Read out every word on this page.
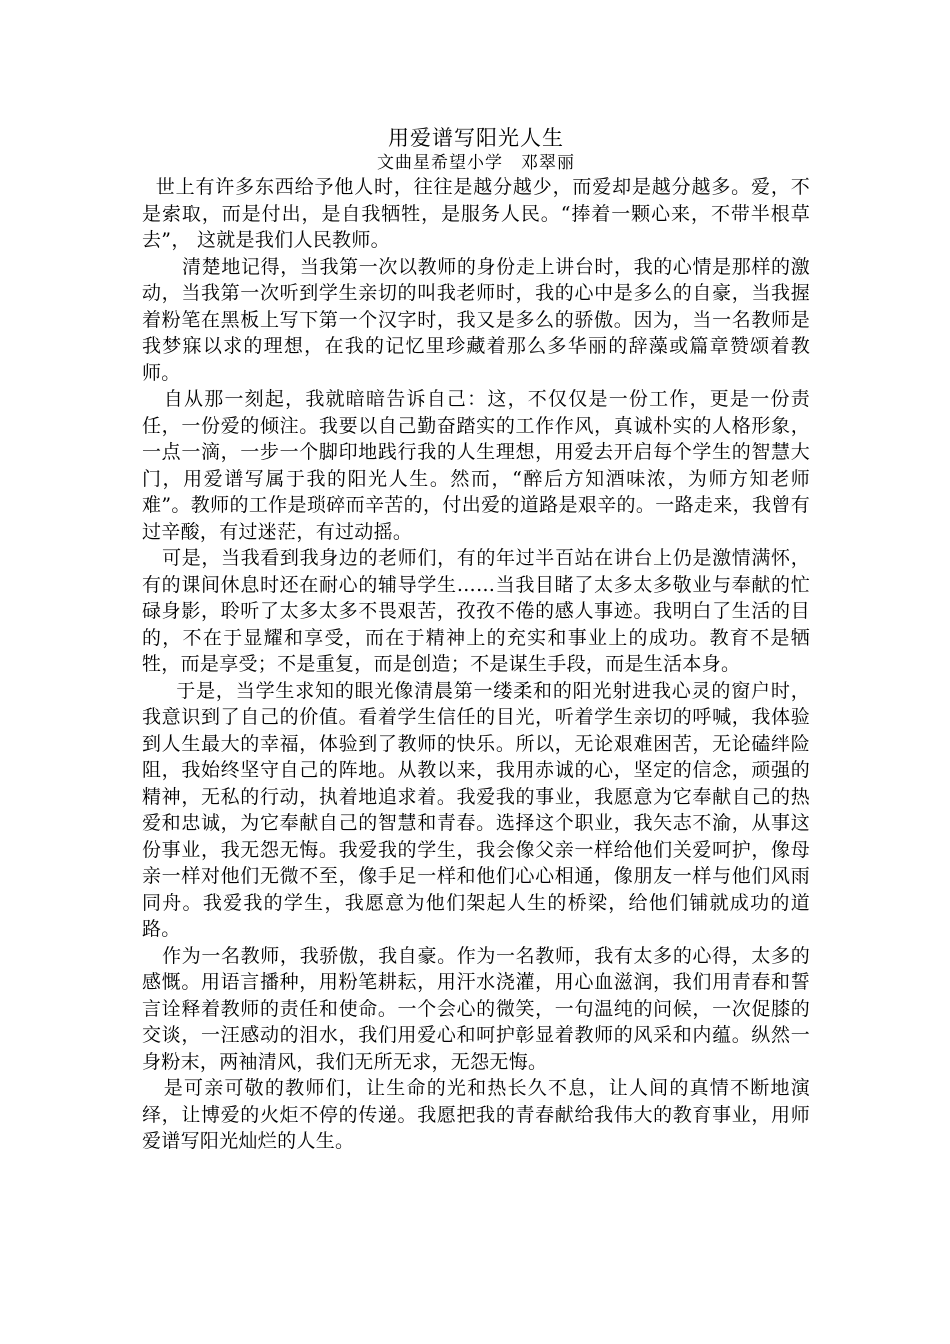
用爱谱写阳光人生

文曲星希望小学　邓翠丽

世上有许多东西给予他人时，往往是越分越少，而爱却是越分越多。爱，不是索取，而是付出，是自我牺牲，是服务人民。“捧着一颗心来，不带半根草去”， 这就是我们人民教师。

清楚地记得，当我第一次以教师的身份走上讲台时，我的心情是那样的激动，当我第一次听到学生亲切的叫我老师时，我的心中是多么的自豪，当我握着粉笔在黑板上写下第一个汉字时，我又是多么的骄傲。因为，当一名教师是我梦寐以求的理想，在我的记忆里珍藏着那么多华丽的辞藻或篇章赞颂着教师。

自从那一刻起，我就暗暗告诉自己：这，不仅仅是一份工作，更是一份责任，一份爱的倾注。我要以自己勤奋踏实的工作作风，真诚朴实的人格形象，一点一滴，一步一个脚印地践行我的人生理想，用爱去开启每个学生的智慧大门，用爱谱写属于我的阳光人生。然而，“醉后方知酒味浓，为师方知老师难”。教师的工作是琐碎而辛苦的，付出爱的道路是艰辛的。一路走来，我曾有过辛酸，有过迷茫，有过动摇。

可是，当我看到我身边的老师们，有的年过半百站在讲台上仍是激情满怀，有的课间休息时还在耐心的辅导学生……当我目睹了太多太多敬业与奉献的忙碌身影，聆听了太多太多不畏艰苦，孜孜不倦的感人事迹。我明白了生活的目的，不在于显耀和享受，而在于精神上的充实和事业上的成功。教育不是牺牲，而是享受；不是重复，而是创造；不是谋生手段，而是生活本身。

于是，当学生求知的眼光像清晨第一缕柔和的阳光射进我心灵的窗户时，我意识到了自己的价值。看着学生信任的目光，听着学生亲切的呼喊，我体验到人生最大的幸福，体验到了教师的快乐。所以，无论艰难困苦，无论磕绊险阻，我始终坚守自己的阵地。从教以来，我用赤诚的心，坚定的信念，顽强的精神，无私的行动，执着地追求着。我爱我的事业，我愿意为它奉献自己的热爱和忠诚，为它奉献自己的智慧和青春。选择这个职业，我矢志不渝，从事这份事业，我无怨无悔。我爱我的学生，我会像父亲一样给他们关爱呵护，像母亲一样对他们无微不至，像手足一样和他们心心相通，像朋友一样与他们风雨同舟。我爱我的学生，我愿意为他们架起人生的桥梁，给他们铺就成功的道路。

作为一名教师，我骄傲，我自豪。作为一名教师，我有太多的心得，太多的感慨。用语言播种，用粉笔耕耘，用汗水浇灌，用心血滋润，我们用青春和誓言诠释着教师的责任和使命。一个会心的微笑，一句温纯的问候，一次促膝的交谈，一汪感动的泪水，我们用爱心和呵护彰显着教师的风采和内蕴。纵然一身粉末，两袖清风，我们无所无求，无怨无悔。

是可亲可敬的教师们，让生命的光和热长久不息，让人间的真情不断地演绎，让博爱的火炬不停的传递。我愿把我的青春献给我伟大的教育事业，用师爱谱写阳光灿烂的人生。
